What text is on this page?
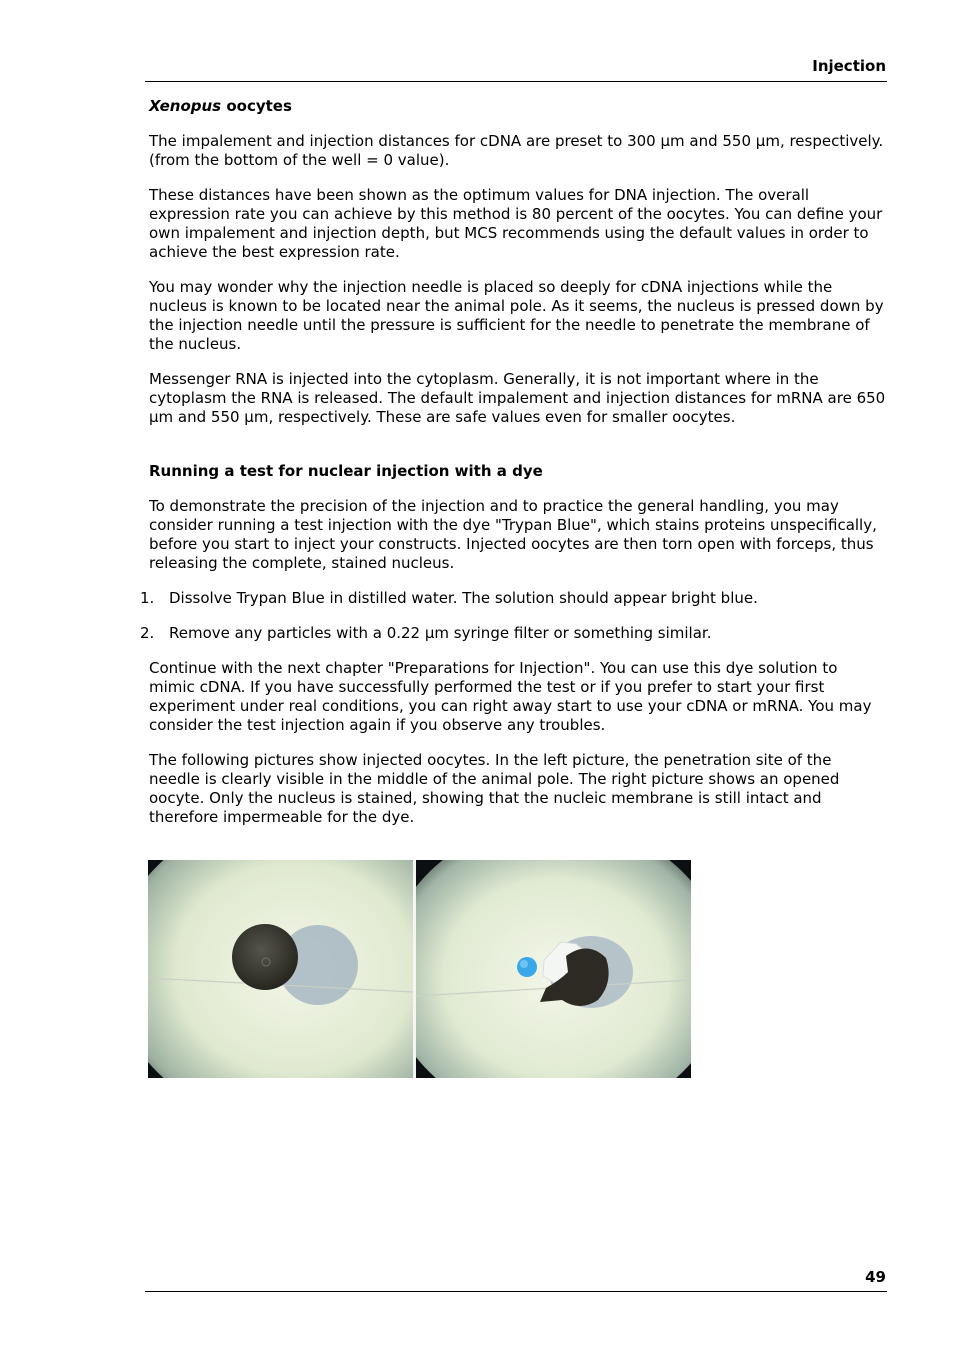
Injection
Xenopus oocytes

The impalement and injection distances for cDNA are preset to 300 µm and 550 µm, respectively. (from the bottom of the well = 0 value).

These distances have been shown as the optimum values for DNA injection. The overall expression rate you can achieve by this method is 80 percent of the oocytes. You can define your own impalement and injection depth, but MCS recommends using the default values in order to achieve the best expression rate.

You may wonder why the injection needle is placed so deeply for cDNA injections while the nucleus is known to be located near the animal pole. As it seems, the nucleus is pressed down by the injection needle until the pressure is sufficient for the needle to penetrate the membrane of the nucleus.

Messenger RNA is injected into the cytoplasm. Generally, it is not important where in the cytoplasm the RNA is released. The default impalement and injection distances for mRNA are 650 µm and 550 µm, respectively. These are safe values even for smaller oocytes.

Running a test for nuclear injection with a dye

To demonstrate the precision of the injection and to practice the general handling, you may consider running a test injection with the dye "Trypan Blue", which stains proteins unspecifically, before you start to inject your constructs. Injected oocytes are then torn open with forceps, thus releasing the complete, stained nucleus.

1. Dissolve Trypan Blue in distilled water. The solution should appear bright blue.
2. Remove any particles with a 0.22 µm syringe filter or something similar.

Continue with the next chapter "Preparations for Injection". You can use this dye solution to mimic cDNA. If you have successfully performed the test or if you prefer to start your first experiment under real conditions, you can right away start to use your cDNA or mRNA. You may consider the test injection again if you observe any troubles.

The following pictures show injected oocytes. In the left picture, the penetration site of the needle is clearly visible in the middle of the animal pole. The right picture shows an opened oocyte. Only the nucleus is stained, showing that the nucleic membrane is still intact and therefore impermeable for the dye.

49
